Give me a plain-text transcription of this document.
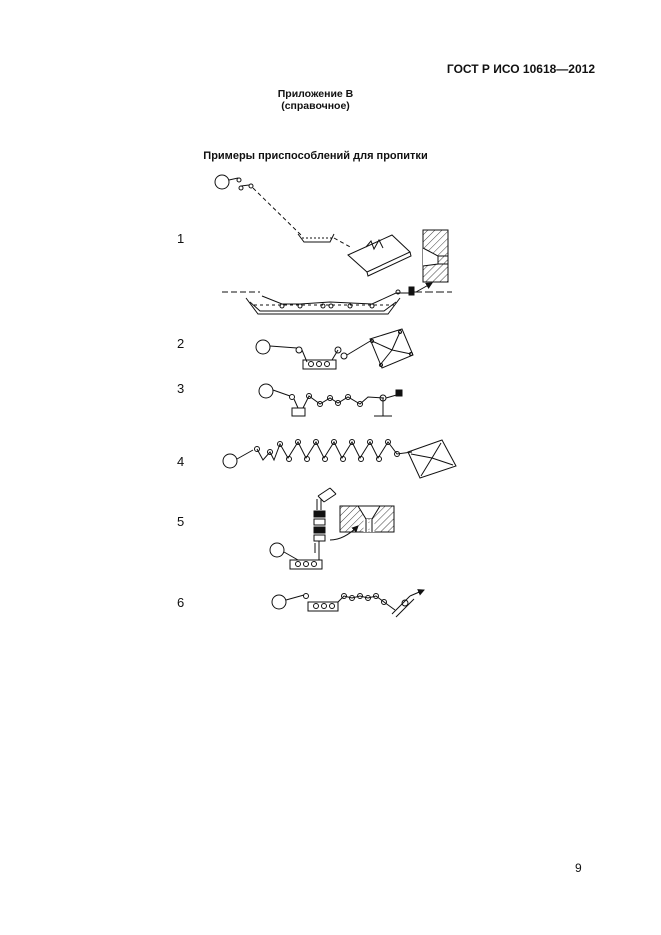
ГОСТ Р ИСО 10618—2012
Приложение В
(справочное)
Примеры приспособлений для пропитки
1
2
3
4
5
6
9
